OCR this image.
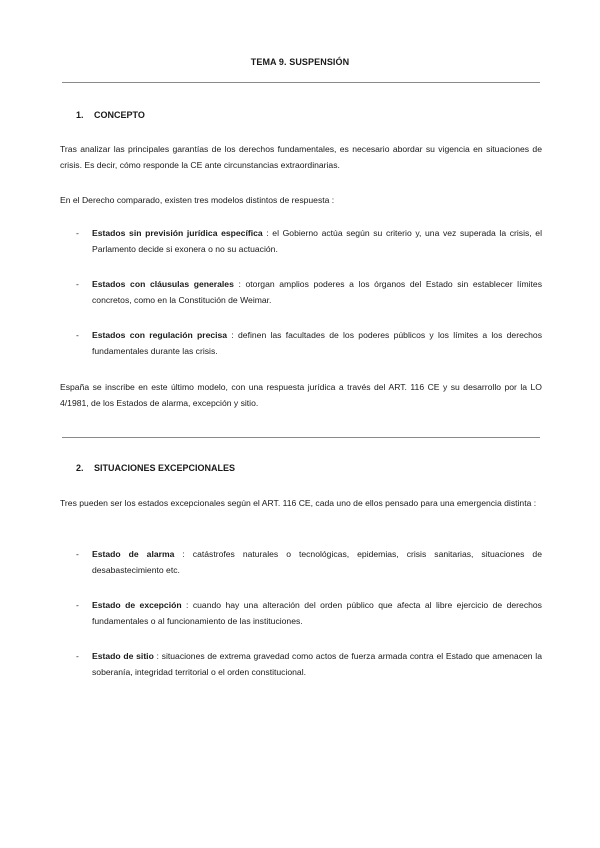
TEMA 9. SUSPENSIÓN
1. CONCEPTO
Tras analizar las principales garantías de los derechos fundamentales, es necesario abordar su vigencia en situaciones de crisis. Es decir, cómo responde la CE ante circunstancias extraordinarias.
En el Derecho comparado, existen tres modelos distintos de respuesta :
-	Estados sin previsión jurídica específica : el Gobierno actúa según su criterio y, una vez superada la crisis, el Parlamento decide si exonera o no su actuación.
-	Estados con cláusulas generales : otorgan amplios poderes a los órganos del Estado sin establecer límites concretos, como en la Constitución de Weimar.
-	Estados con regulación precisa : definen las facultades de los poderes públicos y los límites a los derechos fundamentales durante las crisis.
España se inscribe en este último modelo, con una respuesta jurídica a través del ART. 116 CE y su desarrollo por la LO 4/1981, de los Estados de alarma, excepción y sitio.
2. SITUACIONES EXCEPCIONALES
Tres pueden ser los estados excepcionales según el ART. 116 CE, cada uno de ellos pensado para una emergencia distinta :
-	Estado de alarma : catástrofes naturales o tecnológicas, epidemias, crisis sanitarias, situaciones de desabastecimiento etc.
-	Estado de excepción : cuando hay una alteración del orden público que afecta al libre ejercicio de derechos fundamentales o al funcionamiento de las instituciones.
-	Estado de sitio : situaciones de extrema gravedad como actos de fuerza armada contra el Estado que amenacen la soberanía, integridad territorial o el orden constitucional.
